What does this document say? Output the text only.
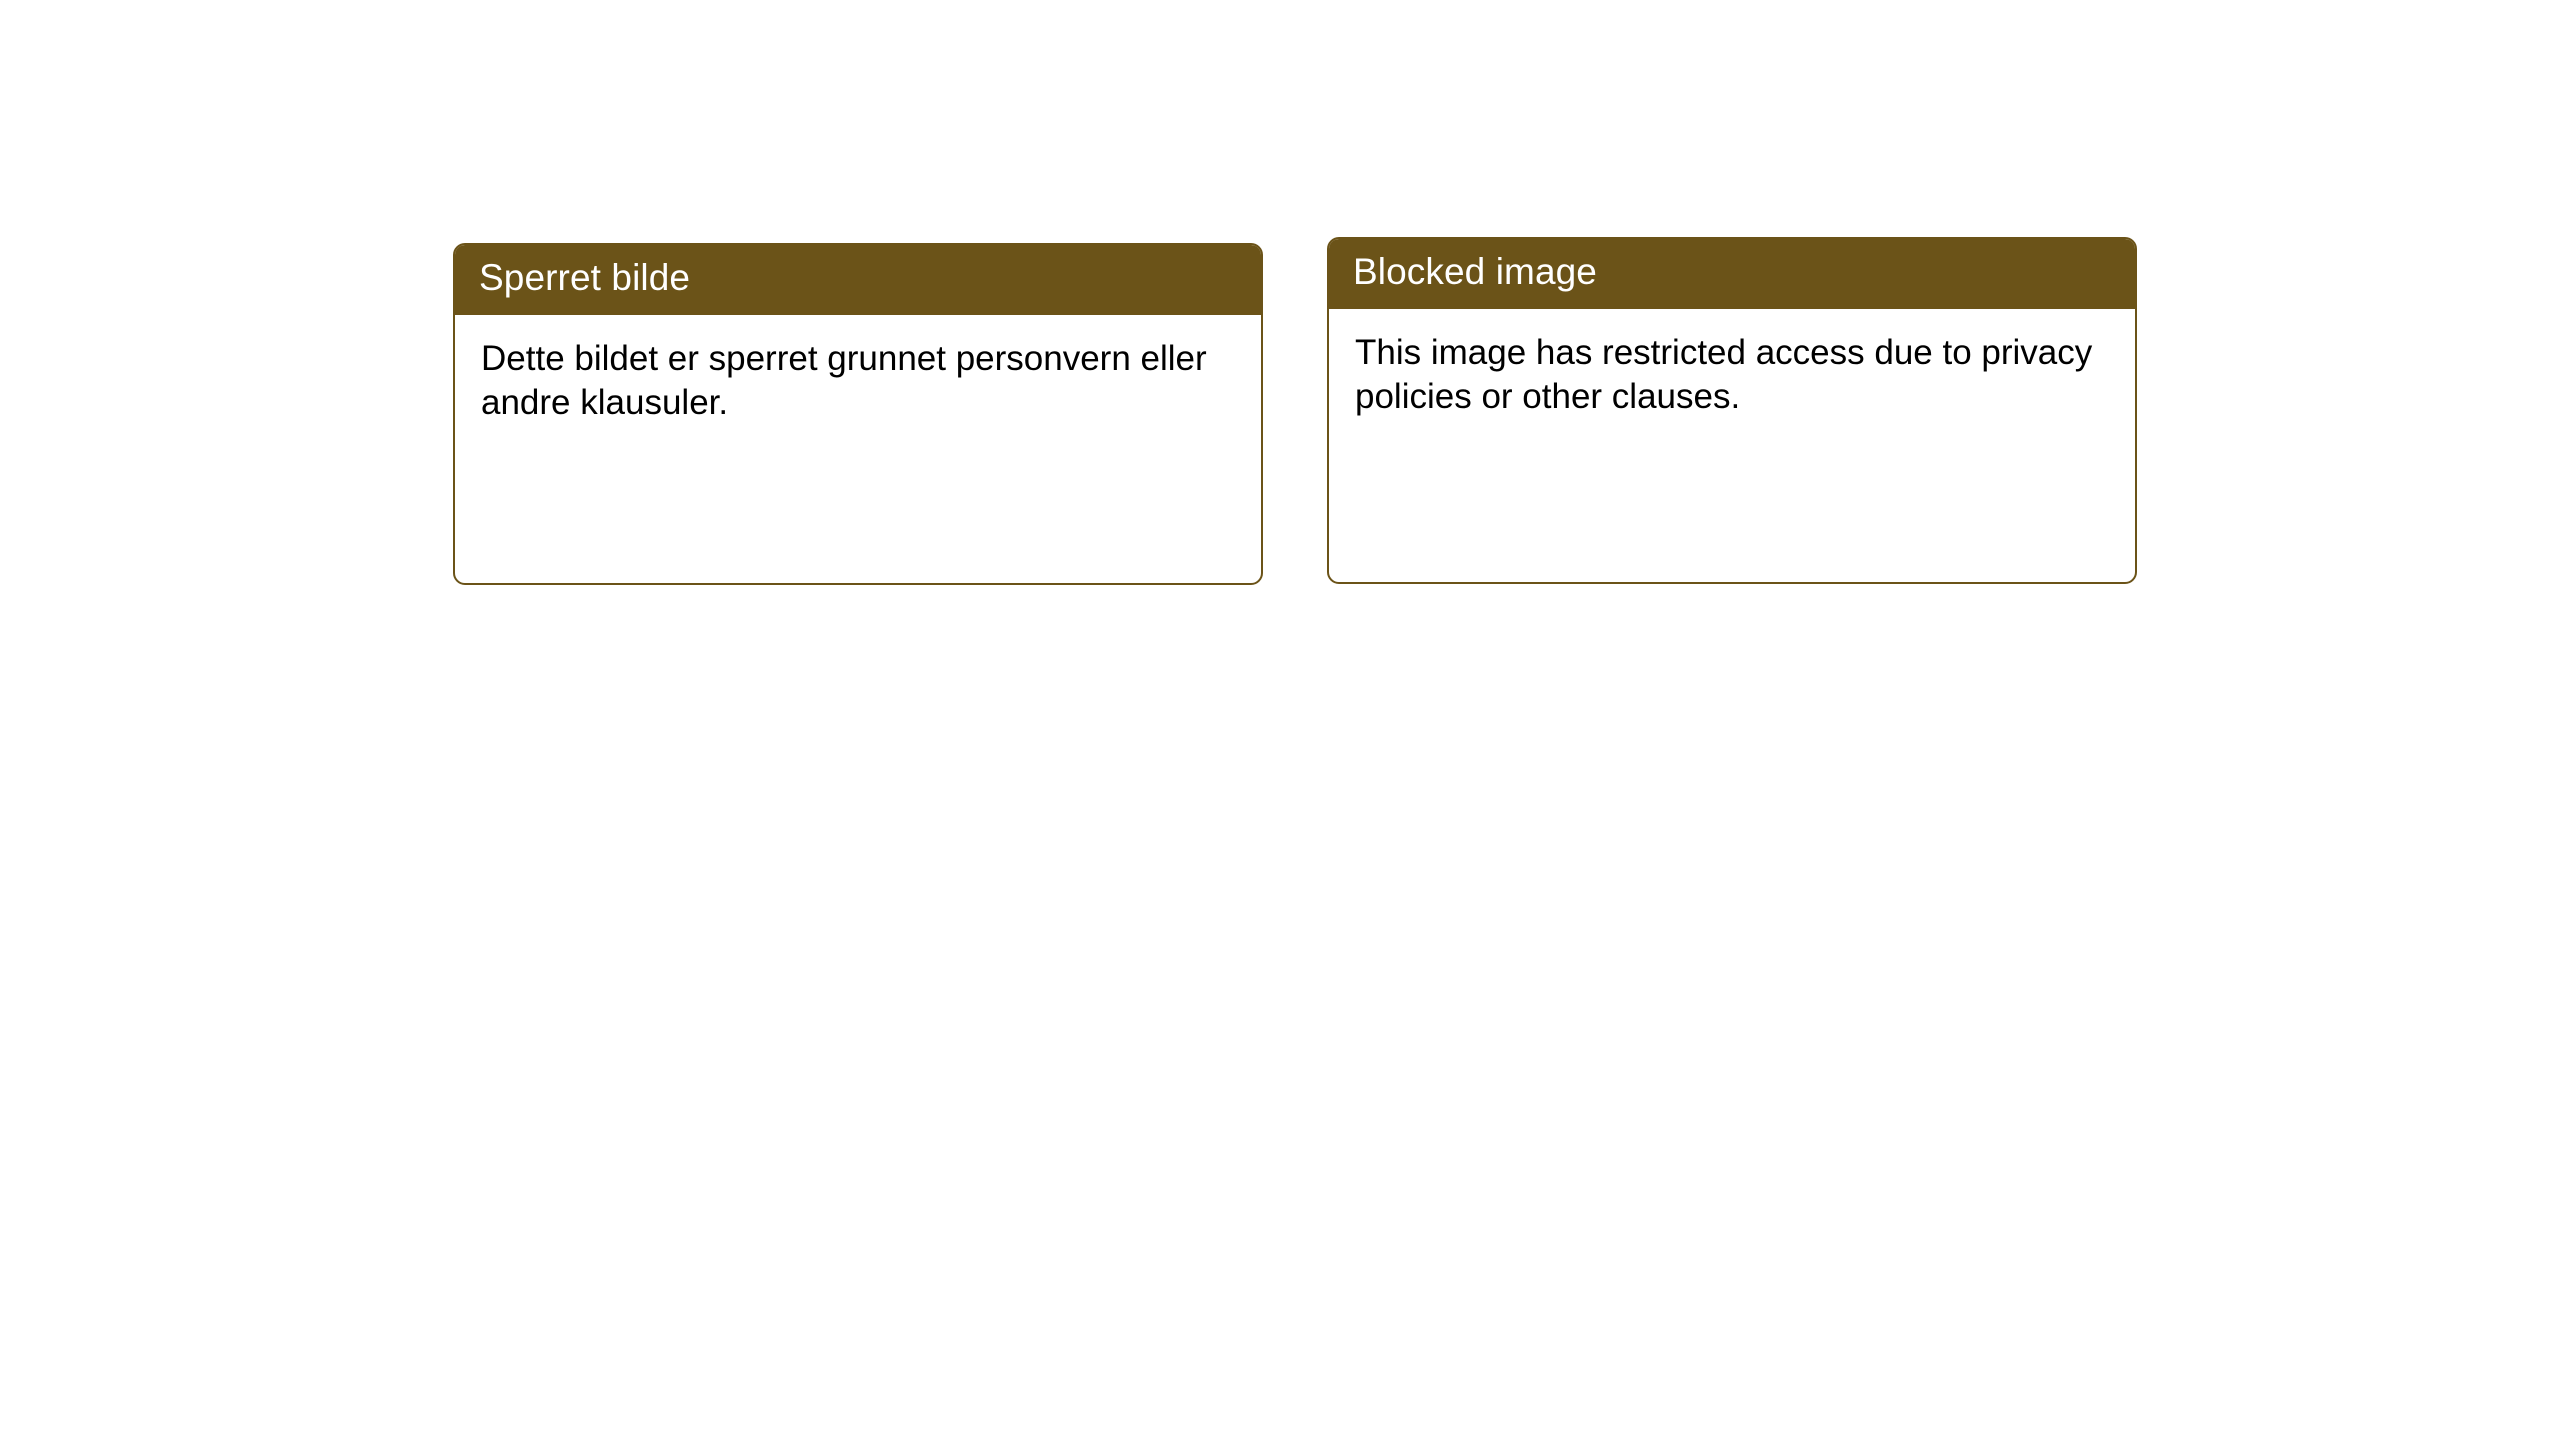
Sperret bilde

Dette bildet er sperret grunnet personvern eller andre klausuler.

Blocked image

This image has restricted access due to privacy policies or other clauses.
